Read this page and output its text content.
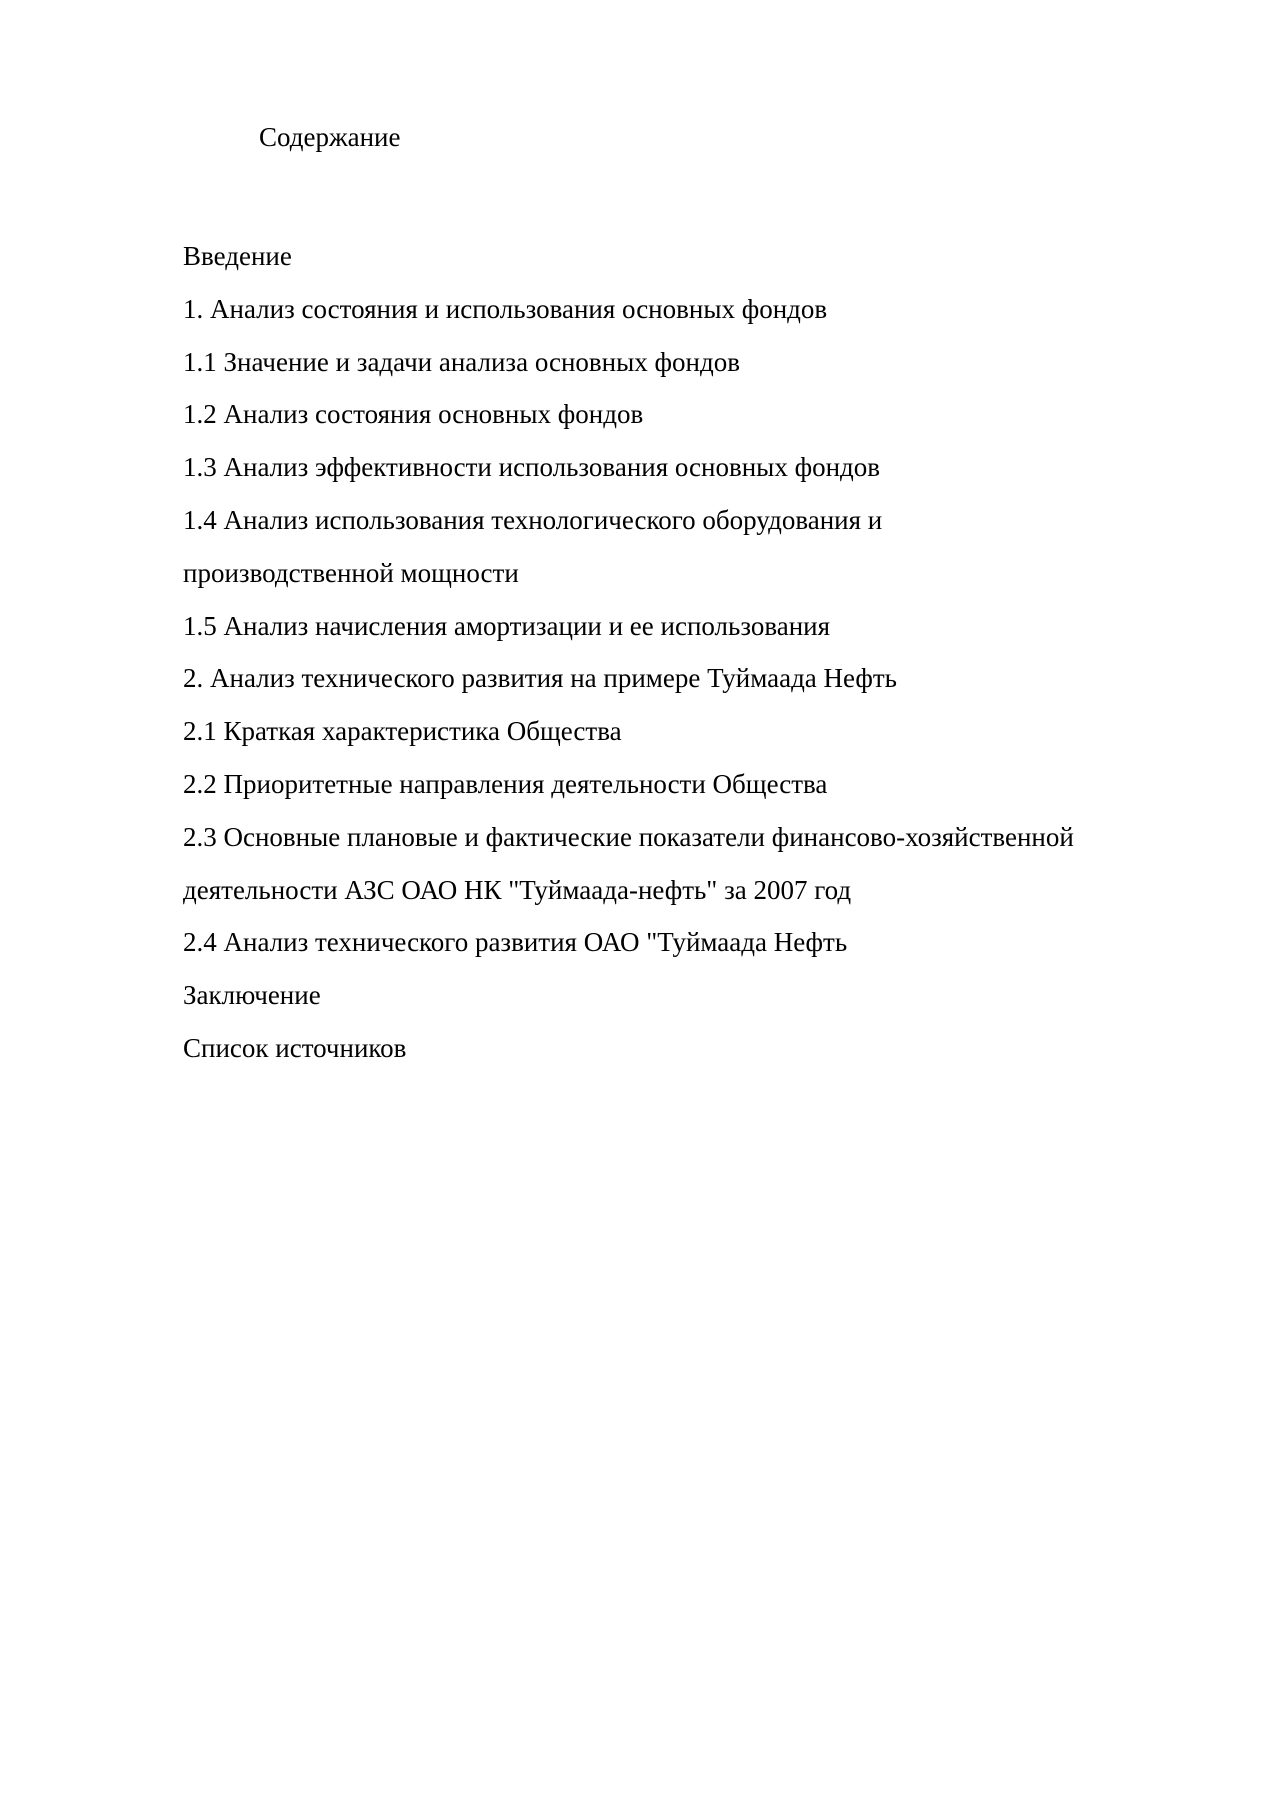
Содержание
Введение
1. Анализ состояния и использования основных фондов
1.1 Значение и задачи анализа основных фондов
1.2 Анализ состояния основных фондов
1.3 Анализ эффективности использования основных фондов
1.4 Анализ использования технологического оборудования и
производственной мощности
1.5 Анализ начисления амортизации и ее использования
2. Анализ технического развития на примере Туймаада Нефть
2.1 Краткая характеристика Общества
2.2 Приоритетные направления деятельности Общества
2.3 Основные плановые и фактические показатели финансово-хозяйственной
деятельности АЗС ОАО НК "Туймаада-нефть" за 2007 год
2.4 Анализ технического развития ОАО "Туймаада Нефть
Заключение
Список источников
